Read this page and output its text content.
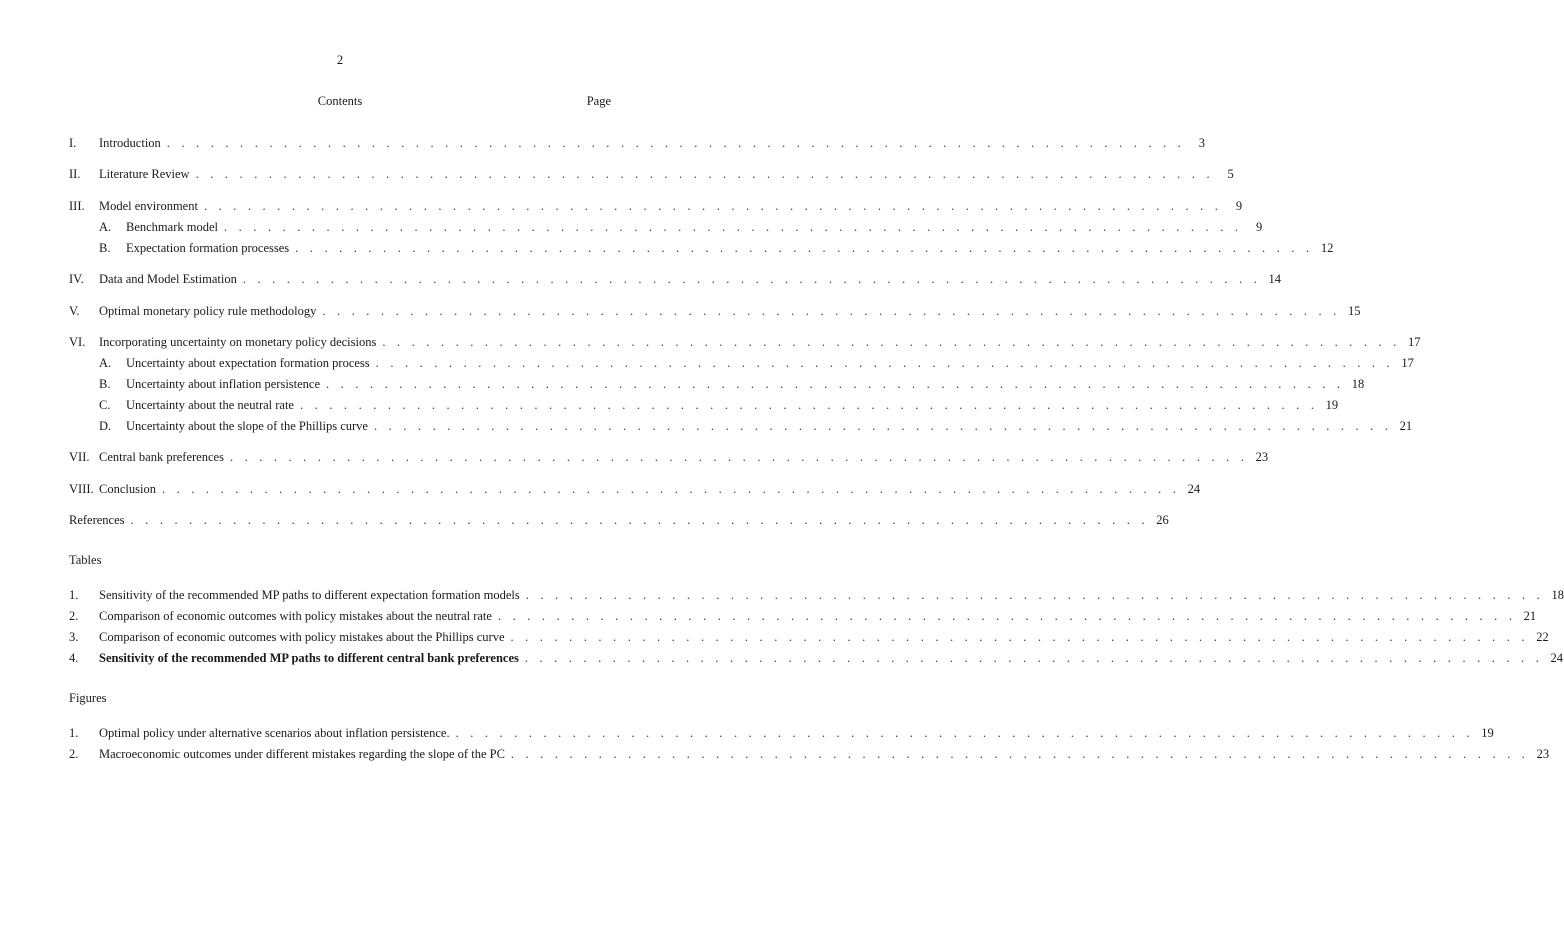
2
Contents	Page
I.	Introduction . . . . . . . . . . . . . . . . . . . . . . . . . . . . . . . . . . . . . . . . . . . . . . . . . . . . . . . . . . . . . . . . . . . . . .	3
II.	Literature Review . . . . . . . . . . . . . . . . . . . . . . . . . . . . . . . . . . . . . . . . . . . . . . . . . . . . . . . . . . . . . . . . . . . . . .	5
III.	Model environment . . . . . . . . . . . . . . . . . . . . . . . . . . . . . . . . . . . . . . . . . . . . . . . . . . . . . . . . . . . . . . . . . . . . . .	9
A.	Benchmark model . . . . . . . . . . . . . . . . . . . . . . . . . . . . . . . . . . . . . . . . . . . . . . . . . . . . . . . . . . . . . . . . . . . . . .	9
B.	Expectation formation processes . . . . . . . . . . . . . . . . . . . . . . . . . . . . . . . . . . . . . . . . . . . . . . . . . . . . . . . . . . . . . . . . . . . . . . 12
IV.	Data and Model Estimation . . . . . . . . . . . . . . . . . . . . . . . . . . . . . . . . . . . . . . . . . . . . . . . . . . . . . . . . . . . . . . . . . . . . . . 14
V.	Optimal monetary policy rule methodology . . . . . . . . . . . . . . . . . . . . . . . . . . . . . . . . . . . . . . . . . . . . . . . . . . . . . . . . . . . . . . . . . . . . . . 15
VI.	Incorporating uncertainty on monetary policy decisions . . . . . . . . . . . . . . . . . . . . . . . . . . . . . . . . . . . . . . . . . . . . . . . . . . . . . . . . . . . . . . . . . . . . . . 17
A.	Uncertainty about expectation formation process . . . . . . . . . . . . . . . . . . . . . . . . . . . . . . . . . . . . . . . . . . . . . . . . . . . . . . . . . . . . . . . . . . . . . . 17
B.	Uncertainty about inflation persistence . . . . . . . . . . . . . . . . . . . . . . . . . . . . . . . . . . . . . . . . . . . . . . . . . . . . . . . . . . . . . . . . . . . . . . 18
C.	Uncertainty about the neutral rate . . . . . . . . . . . . . . . . . . . . . . . . . . . . . . . . . . . . . . . . . . . . . . . . . . . . . . . . . . . . . . . . . . . . . . 19
D.	Uncertainty about the slope of the Phillips curve . . . . . . . . . . . . . . . . . . . . . . . . . . . . . . . . . . . . . . . . . . . . . . . . . . . . . . . . . . . . . . . . . . . . . . 21
VII. Central bank preferences . . . . . . . . . . . . . . . . . . . . . . . . . . . . . . . . . . . . . . . . . . . . . . . . . . . . . . . . . . . . . . . . . . . . . . 23
VIII. Conclusion . . . . . . . . . . . . . . . . . . . . . . . . . . . . . . . . . . . . . . . . . . . . . . . . . . . . . . . . . . . . . . . . . . . . . . 24
References . . . . . . . . . . . . . . . . . . . . . . . . . . . . . . . . . . . . . . . . . . . . . . . . . . . . . . . . . . . . . . . . . . . . . . 26
Tables
1.	Sensitivity of the recommended MP paths to different expectation formation models . . . . . . . . . . . . . . . . . . . . . . . . . . . . . . . . . . . . . . . . . . . . . . . . . . . . . . . . . . . . . . . . . . . . . . 18
2.	Comparison of economic outcomes with policy mistakes about the neutral rate . . . . . . . . . . . . . . . . . . . . . . . . . . . . . . . . . . . . . . . . . . . . . . . . . . . . . . . . . . . . . . . . . . . . . . 21
3.	Comparison of economic outcomes with policy mistakes about the Phillips curve . . . . . . . . . . . . . . . . . . . . . . . . . . . . . . . . . . . . . . . . . . . . . . . . . . . . . . . . . . . . . . . . . . . . . . 22
4.	Sensitivity of the recommended MP paths to different central bank preferences . . . . . . . . . . . . . . . . . . . . . . . . . . . . . . . . . . . . . . . . . . . . . . . . . . . . . . . . . . . . . . . . . . . . . . 24
Figures
1.	Optimal policy under alternative scenarios about inflation persistence. . . . . . . . . . . . . . . . . . . . . . . . . . . . . . . . . . . . . . . . . . . . . . . . . . . . . . . . . . . . . . . . . . . . . . . 19
2.	Macroeconomic outcomes under different mistakes regarding the slope of the PC . . . . . . . . . . . . . . . . . . . . . . . . . . . . . . . . . . . . . . . . . . . . . . . . . . . . . . . . . . . . . . . . . . . . . . 23
